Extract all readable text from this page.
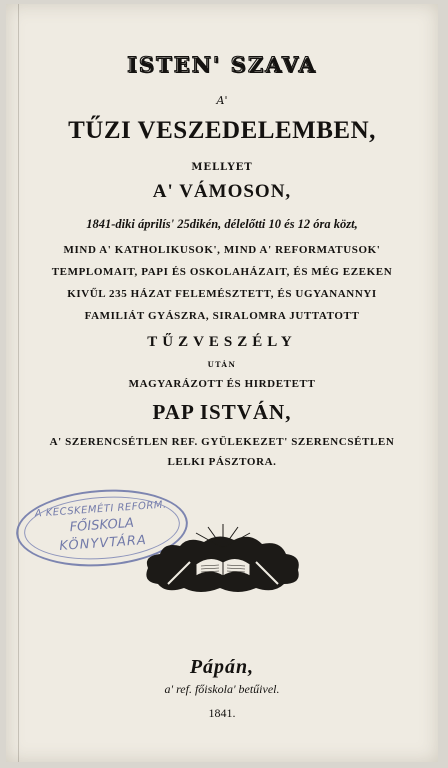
ISTEN' SZAVA
A'
TŰZI VESZEDELEMBEN,
MELLYET
A' VÁMOSON,
1841-diki áprilís' 25dikén, délelőtti 10 és 12 óra közt,
MIND A' KATHOLIKUSOK', MIND A' REFORMATUSOK'
TEMPLOMAIT, PAPI ÉS OSKOLAHÁZAIT, ÉS MÉG EZEKEN
KIVŰL 235 HÁZAT FELEMÉSZTETT, ÉS UGYANANNYI
FAMILIÁT GYÁSZRA, SIRALOMRA JUTTATOTT
TŰZVESZÉLY
UTÁN
MAGYARÁZOTT ÉS HIRDETETT
PAP ISTVÁN,
A' SZERENCSÉTLEN REF. GYÜLEKEZET' SZERENCSÉTLEN
LELKI PÁSZTORA.
A KECSKEMÉTI REFORM.
FŐISKOLA
KÖNYVTÁRA
Pápán,
a' ref. főiskola' betűivel.
1841.
